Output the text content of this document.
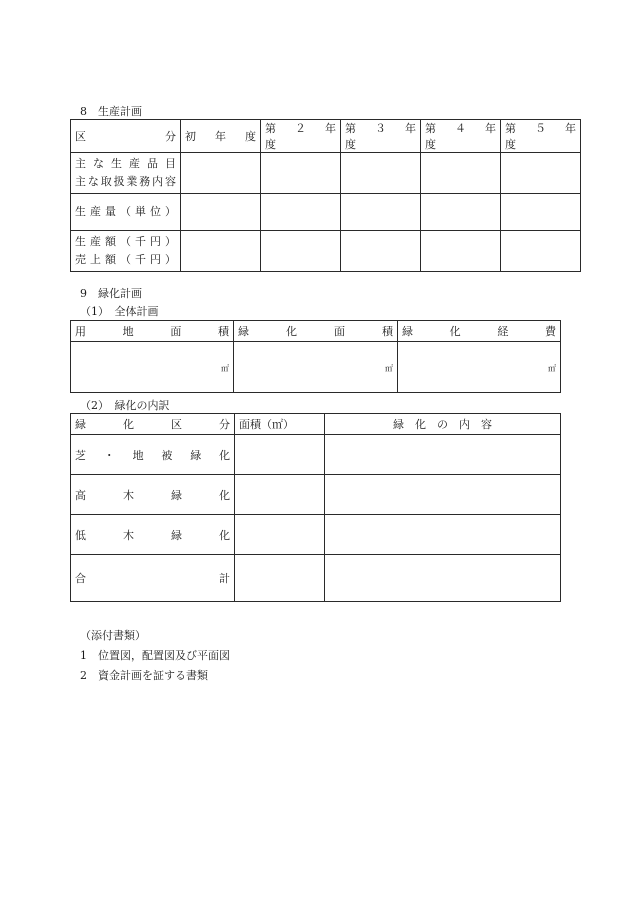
8　生産計画
区　　分	初　年　度	第　２　年　度	第　３　年　度	第　４　年　度	第　５　年　度

主な生産品目
主な取扱業務内容					

生産量（単位）					

生産額（千円）
売上額（千円）					

9　緑化計画
（1）　全体計画
用　地　面　積	緑　化　面　積	緑　化　経　費
㎡	㎡	㎡
（2）　緑化の内訳
緑　化　区　分	面積（㎡）	緑　化　の　内　容
芝・地被緑化		
高　木　緑　化		
低　木　緑　化		
合　　計		
（添付書類）
1　位置図，配置図及び平面図
2　資金計画を証する書類
